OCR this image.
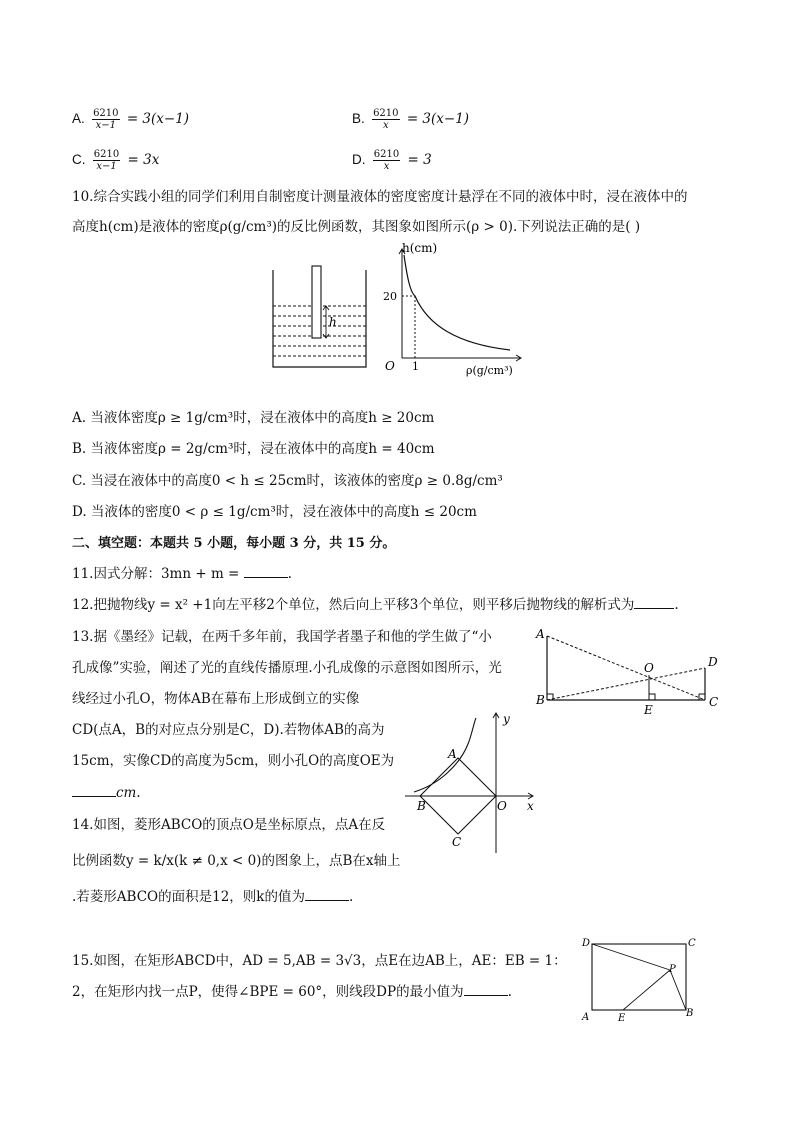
A. $\frac{6210}{x-1} = 3(x-1)$	B. $\frac{6210}{x} = 3(x-1)$
C. $\frac{6210}{x-1} = 3x$	D. $\frac{6210}{x} = 3$
10.综合实践小组的同学们利用自制密度计测量液体的密度密度计悬浮在不同的液体中时，浸在液体中的
高度h(cm)是液体的密度ρ(g/cm³)的反比例函数，其图象如图所示(ρ > 0).下列说法正确的是( )
h
h(cm)
20
O 1	ρ(g/cm³)
A. 当液体密度ρ ≥ 1g/cm³时，浸在液体中的高度h ≥ 20cm
B. 当液体密度ρ = 2g/cm³时，浸在液体中的高度h = 40cm
C. 当浸在液体中的高度0 < h ≤ 25cm时，该液体的密度ρ ≥ 0.8g/cm³
D. 当液体的密度0 < ρ ≤ 1g/cm³时，浸在液体中的高度h ≤ 20cm
二、填空题：本题共 5 小题，每小题 3 分，共 15 分。
11.因式分解：3mn + m =	.
12.把抛物线y = x² +1向左平移2个单位，然后向上平移3个单位，则平移后抛物线的解析式为	.
13.据《墨经》记载，在两千多年前，我国学者墨子和他的学生做了“小
孔成像”实验，阐述了光的直线传播原理.小孔成像的示意图如图所示，光
线经过小孔O，物体AB在幕布上形成倒立的实像
CD(点A，B的对应点分别是C，D).若物体AB的高为
15cm，实像CD的高度为5cm，则小孔O的高度OE为
cm.
A
B	C
D
O
E
14.如图，菱形ABCO的顶点O是坐标原点，点A在反
比例函数y = k/x(k ≠ 0,x < 0)的图象上，点B在x轴上
.若菱形ABCO的面积是12，则k的值为	.
A
B
C
O x
y
15.如图，在矩形ABCD中，AD = 5,AB = 3√3，点E在边AB上，AE：EB = 1：
2，在矩形内找一点P，使得∠BPE = 60°，则线段DP的最小值为	.
D	C
A	B
E
P
